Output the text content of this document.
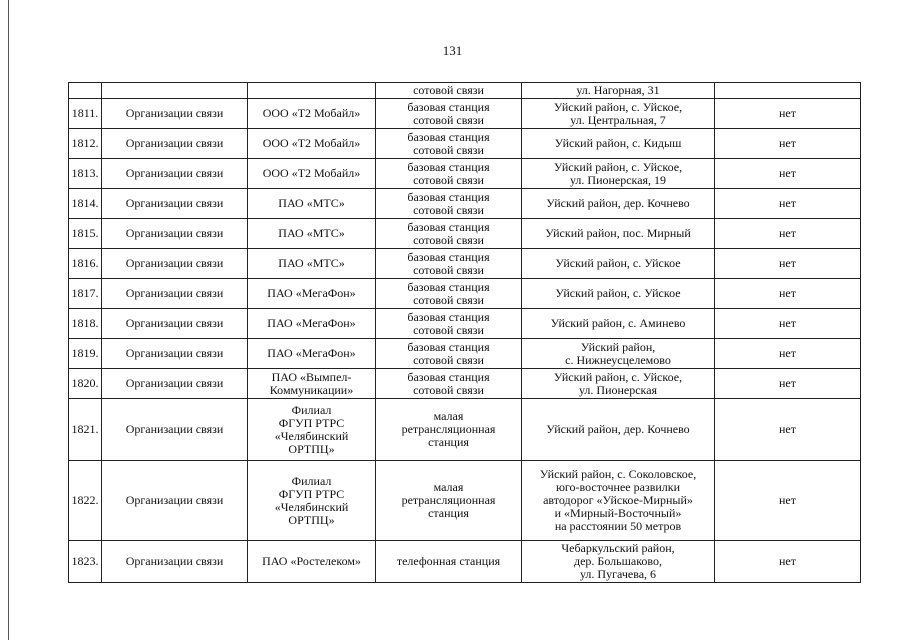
131
			сотовой связи	ул. Нагорная, 31	
1811.	Организации связи	ООО «Т2 Мобайл»	базовая станция
сотовой связи	Уйский район, с. Уйское,
ул. Центральная, 7	нет
1812.	Организации связи	ООО «Т2 Мобайл»	базовая станция
сотовой связи	Уйский район, с. Кидыш	нет
1813.	Организации связи	ООО «Т2 Мобайл»	базовая станция
сотовой связи	Уйский район, с. Уйское,
ул. Пионерская, 19	нет
1814.	Организации связи	ПАО «МТС»	базовая станция
сотовой связи	Уйский район, дер. Кочнево	нет
1815.	Организации связи	ПАО «МТС»	базовая станция
сотовой связи	Уйский район, пос. Мирный	нет
1816.	Организации связи	ПАО «МТС»	базовая станция
сотовой связи	Уйский район, с. Уйское	нет
1817.	Организации связи	ПАО «МегаФон»	базовая станция
сотовой связи	Уйский район, с. Уйское	нет
1818.	Организации связи	ПАО «МегаФон»	базовая станция
сотовой связи	Уйский район, с. Аминево	нет
1819.	Организации связи	ПАО «МегаФон»	базовая станция
сотовой связи	Уйский район,
с. Нижнеусцелемово	нет
1820.	Организации связи	ПАО «Вымпел-
Коммуникации»	базовая станция
сотовой связи	Уйский район, с. Уйское,
ул. Пионерская	нет
1821.	Организации связи	Филиал
ФГУП РТРС
«Челябинский
ОРТПЦ»	малая
ретрансляционная
станция	Уйский район, дер. Кочнево	нет
1822.	Организации связи	Филиал
ФГУП РТРС
«Челябинский
ОРТПЦ»	малая
ретрансляционная
станция	Уйский район, с. Соколовское,
юго-восточнее развилки
автодорог «Уйское-Мирный»
и «Мирный-Восточный»
на расстоянии 50 метров	нет
1823.	Организации связи	ПАО «Ростелеком»	телефонная станция	Чебаркульский район,
дер. Большаково,
ул. Пугачева, 6	нет
